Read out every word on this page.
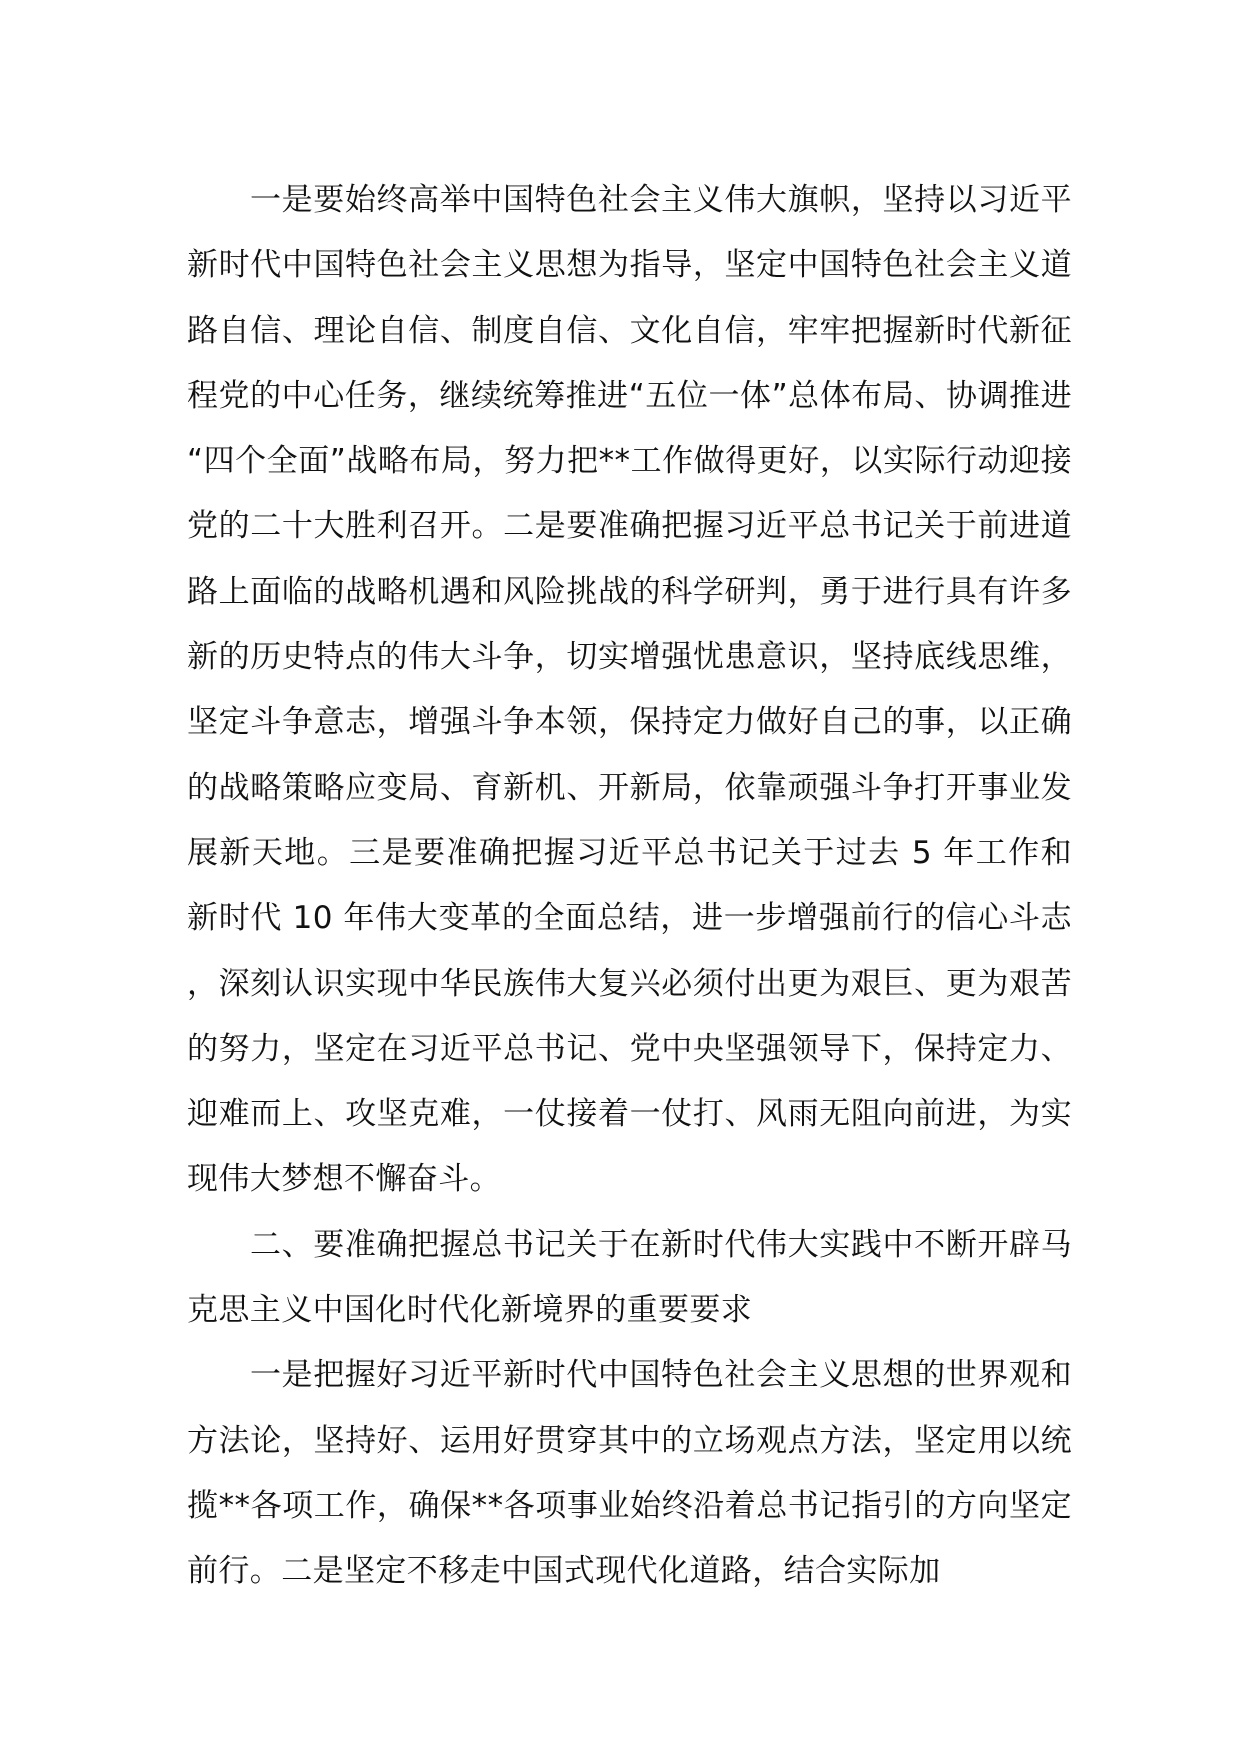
一是要始终高举中国特色社会主义伟大旗帜，坚持以习近平新时代中国特色社会主义思想为指导，坚定中国特色社会主义道路自信、理论自信、制度自信、文化自信，牢牢把握新时代新征程党的中心任务，继续统筹推进“五位一体”总体布局、协调推进“四个全面”战略布局，努力把**工作做得更好，以实际行动迎接党的二十大胜利召开。二是要准确把握习近平总书记关于前进道路上面临的战略机遇和风险挑战的科学研判，勇于进行具有许多新的历史特点的伟大斗争，切实增强忧患意识，坚持底线思维，坚定斗争意志，增强斗争本领，保持定力做好自己的事，以正确的战略策略应变局、育新机、开新局，依靠顽强斗争打开事业发展新天地。三是要准确把握习近平总书记关于过去 5 年工作和新时代 10 年伟大变革的全面总结，进一步增强前行的信心斗志，深刻认识实现中华民族伟大复兴必须付出更为艰巨、更为艰苦的努力，坚定在习近平总书记、党中央坚强领导下，保持定力、迎难而上、攻坚克难，一仗接着一仗打、风雨无阻向前进，为实现伟大梦想不懈奋斗。

二、要准确把握总书记关于在新时代伟大实践中不断开辟马克思主义中国化时代化新境界的重要要求

一是把握好习近平新时代中国特色社会主义思想的世界观和方法论，坚持好、运用好贯穿其中的立场观点方法，坚定用以统揽**各项工作，确保**各项事业始终沿着总书记指引的方向坚定前行。二是坚定不移走中国式现代化道路，结合实际加
